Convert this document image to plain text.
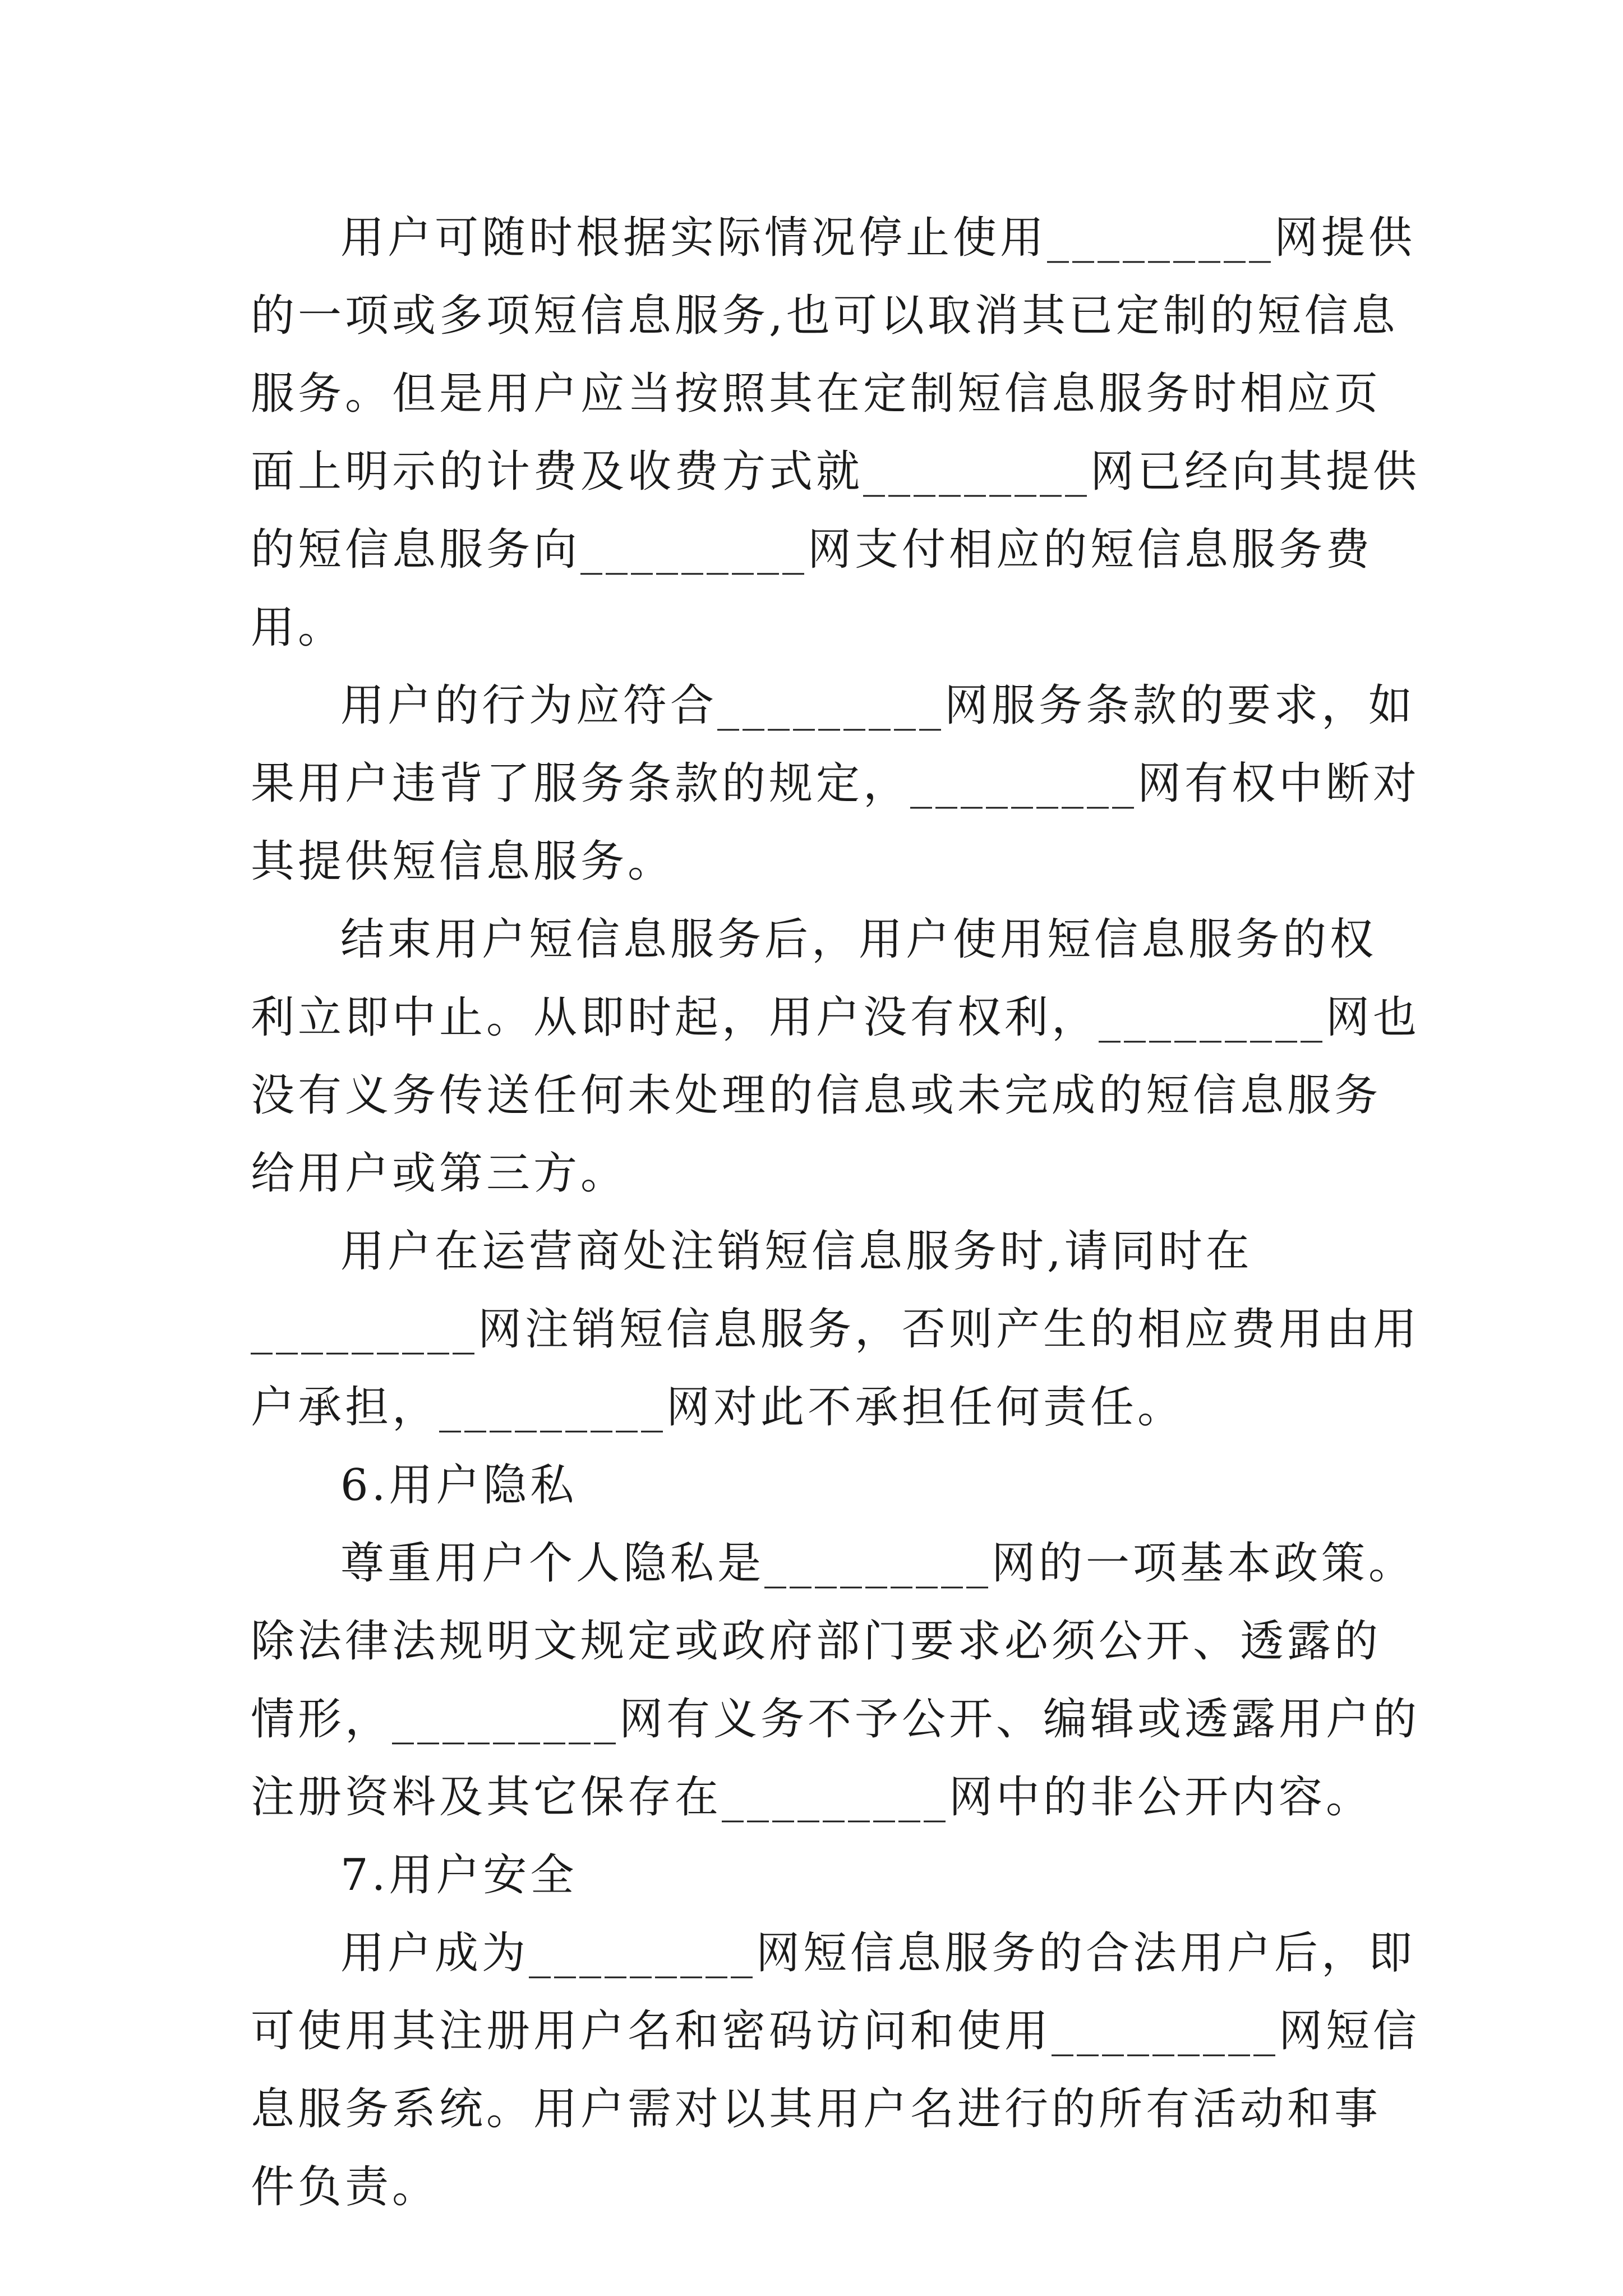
用户可随时根据实际情况停止使用_________网提供的一项或多项短信息服务,也可以取消其已定制的短信息服务。但是用户应当按照其在定制短信息服务时相应页面上明示的计费及收费方式就_________网已经向其提供的短信息服务向_________网支付相应的短信息服务费用。

用户的行为应符合_________网服务条款的要求，如果用户违背了服务条款的规定，_________网有权中断对其提供短信息服务。

结束用户短信息服务后，用户使用短信息服务的权利立即中止。从即时起，用户没有权利，_________网也没有义务传送任何未处理的信息或未完成的短信息服务给用户或第三方。

用户在运营商处注销短信息服务时,请同时在_________网注销短信息服务，否则产生的相应费用由用户承担，_________网对此不承担任何责任。

6.用户隐私

尊重用户个人隐私是_________网的一项基本政策。除法律法规明文规定或政府部门要求必须公开、透露的情形，_________网有义务不予公开、编辑或透露用户的注册资料及其它保存在_________网中的非公开内容。

7.用户安全

用户成为_________网短信息服务的合法用户后，即可使用其注册用户名和密码访问和使用_________网短信息服务系统。用户需对以其用户名进行的所有活动和事件负责。
